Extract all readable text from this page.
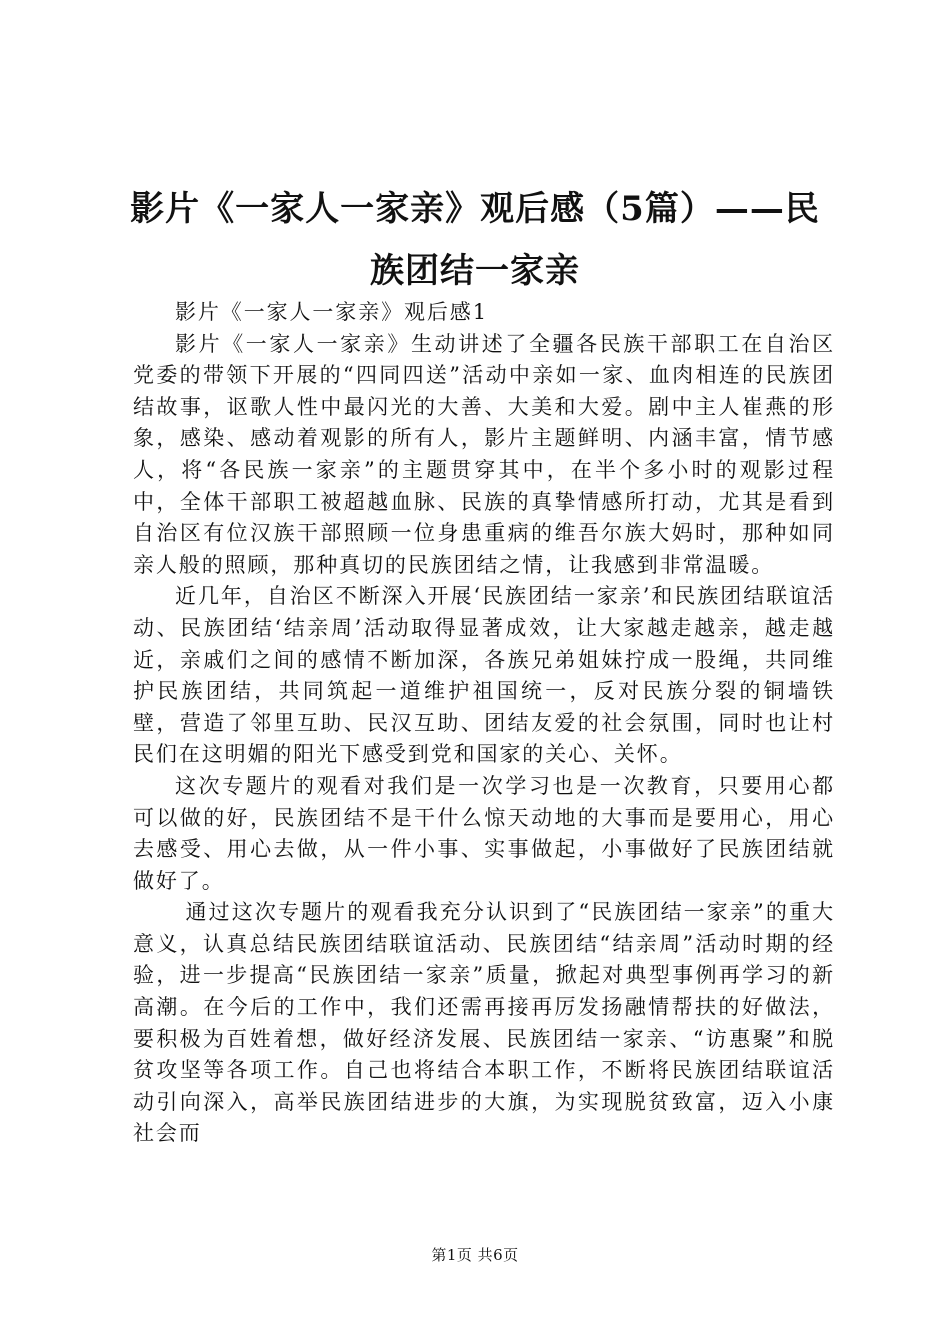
影片《一家人一家亲》观后感（5篇）——民族团结一家亲

影片《一家人一家亲》观后感1

影片《一家人一家亲》生动讲述了全疆各民族干部职工在自治区党委的带领下开展的“四同四送”活动中亲如一家、血肉相连的民族团结故事，讴歌人性中最闪光的大善、大美和大爱。剧中主人崔燕的形象，感染、感动着观影的所有人，影片主题鲜明、内涵丰富，情节感人，将“各民族一家亲”的主题贯穿其中，在半个多小时的观影过程中，全体干部职工被超越血脉、民族的真挚情感所打动，尤其是看到自治区有位汉族干部照顾一位身患重病的维吾尔族大妈时，那种如同亲人般的照顾，那种真切的民族团结之情，让我感到非常温暖。

近几年，自治区不断深入开展‘民族团结一家亲’和民族团结联谊活动、民族团结‘结亲周’活动取得显著成效，让大家越走越亲，越走越近，亲戚们之间的感情不断加深，各族兄弟姐妹拧成一股绳，共同维护民族团结，共同筑起一道维护祖国统一，反对民族分裂的铜墙铁壁，营造了邻里互助、民汉互助、团结友爱的社会氛围，同时也让村民们在这明媚的阳光下感受到党和国家的关心、关怀。

这次专题片的观看对我们是一次学习也是一次教育，只要用心都可以做的好，民族团结不是干什么惊天动地的大事而是要用心，用心去感受、用心去做，从一件小事、实事做起，小事做好了民族团结就做好了。

通过这次专题片的观看我充分认识到了“民族团结一家亲”的重大意义，认真总结民族团结联谊活动、民族团结“结亲周”活动时期的经验，进一步提高“民族团结一家亲”质量，掀起对典型事例再学习的新高潮。在今后的工作中，我们还需再接再厉发扬融情帮扶的好做法，要积极为百姓着想，做好经济发展、民族团结一家亲、“访惠聚”和脱贫攻坚等各项工作。自己也将结合本职工作，不断将民族团结联谊活动引向深入，高举民族团结进步的大旗，为实现脱贫致富，迈入小康社会而

第1页 共6页
